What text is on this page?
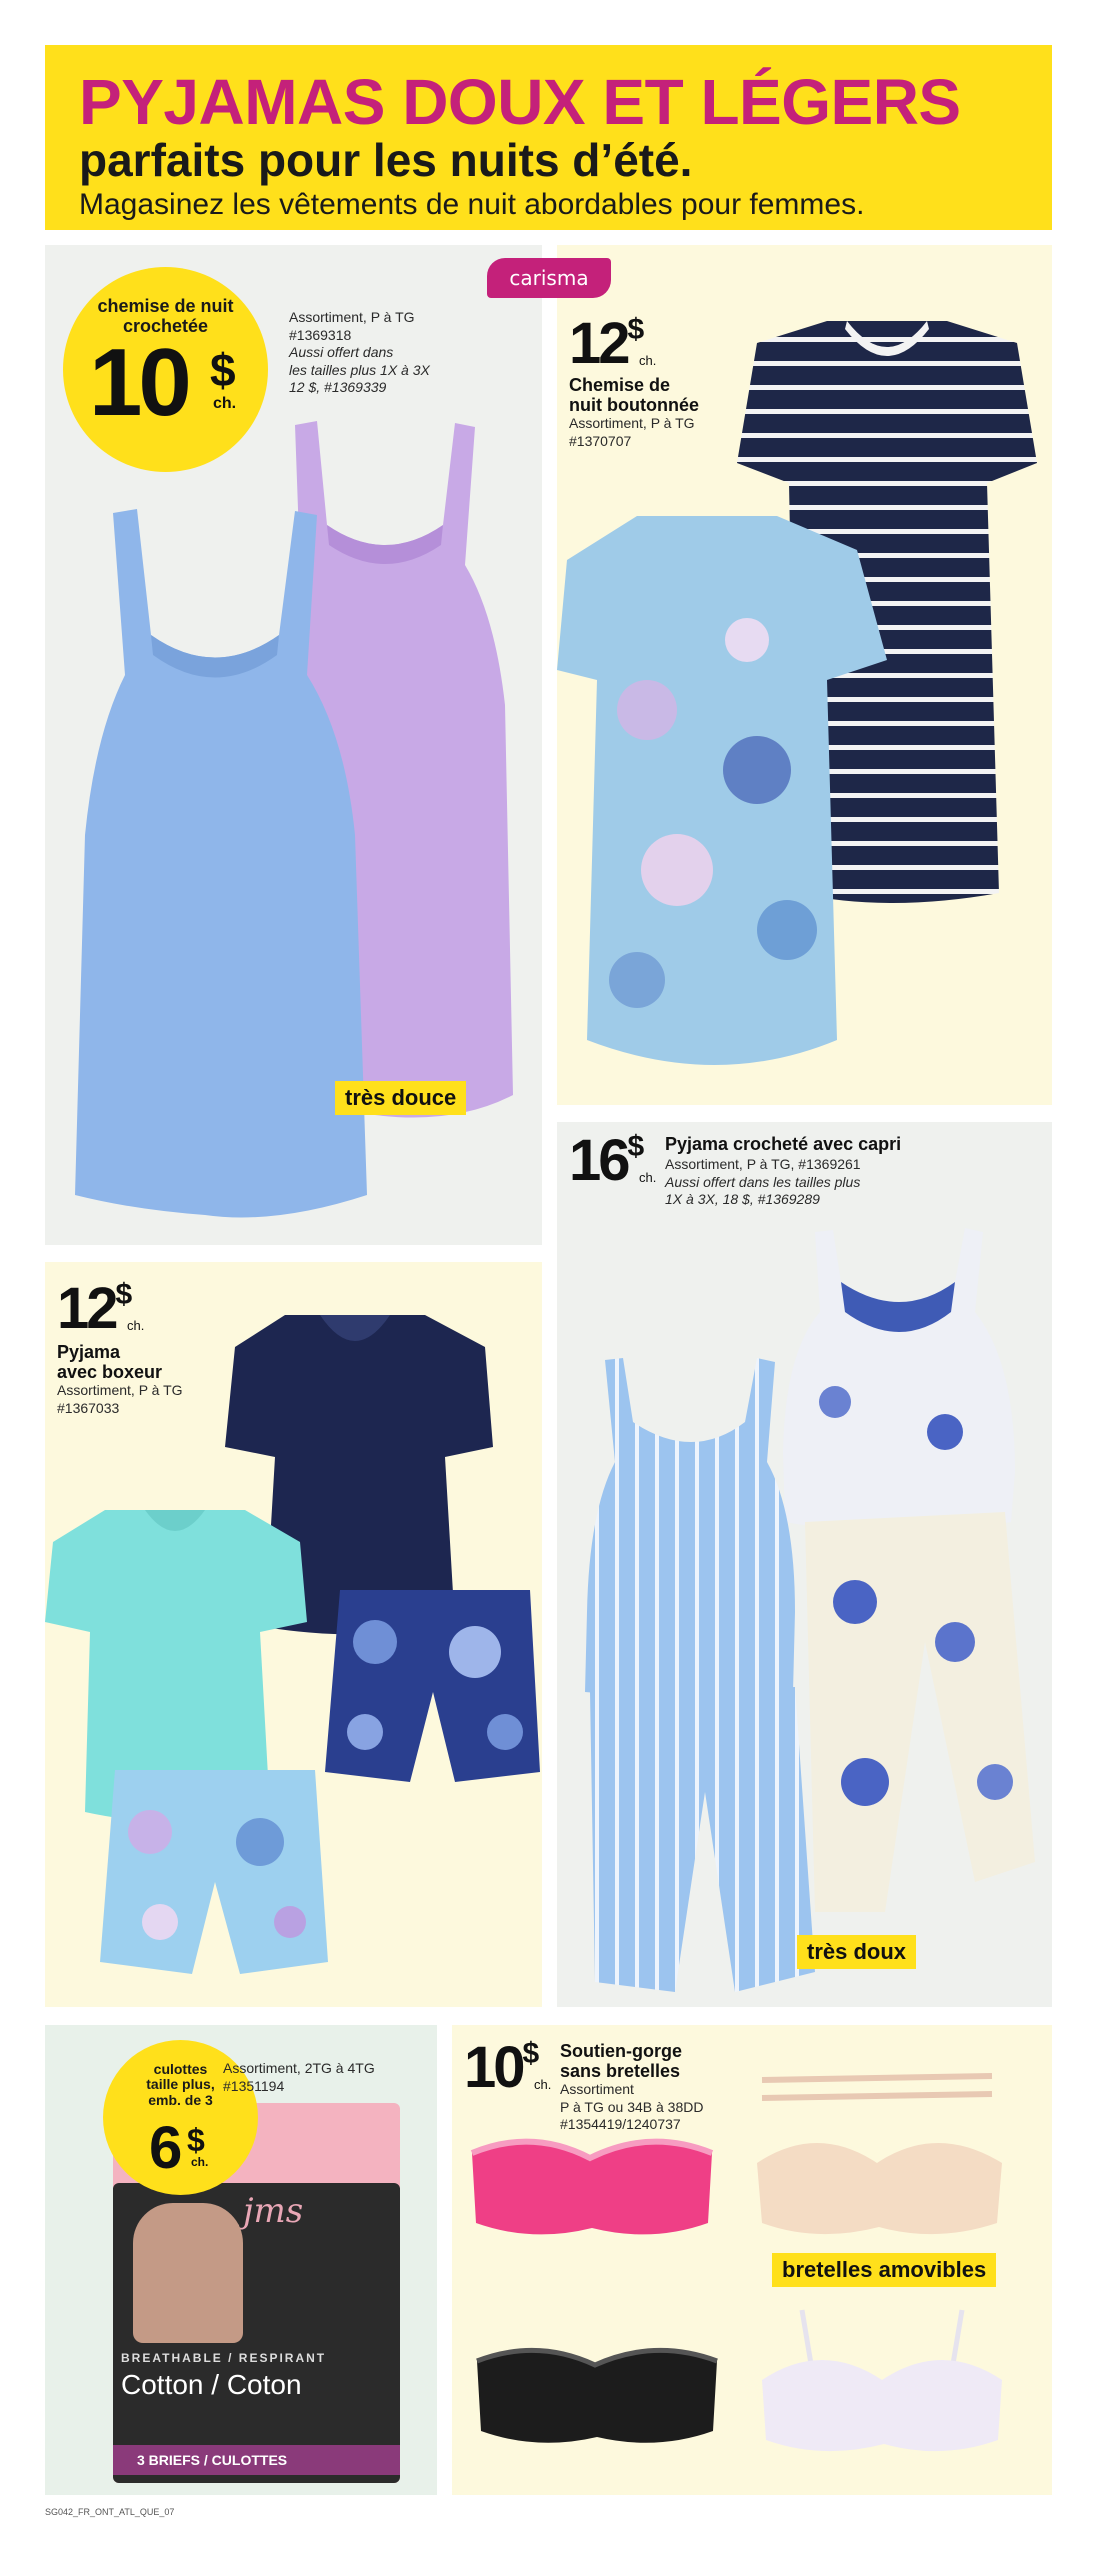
PYJAMAS DOUX ET LÉGERS
parfaits pour les nuits d’été.
Magasinez les vêtements de nuit abordables pour femmes.
chemise de nuit crochetée
10 $
ch.
Assortiment, P à TG
#1369318
Aussi offert dans
les tailles plus 1X à 3X
12 $, #1369339
très douce
12$
ch.
Chemise de
nuit boutonnée
Assortiment, P à TG
#1370707
16$
ch.
Pyjama crocheté avec capri
Assortiment, P à TG, #1369261
Aussi offert dans les tailles plus
1X à 3X, 18 $, #1369289
très doux
12$
ch.
Pyjama
avec boxeur
Assortiment, P à TG
#1367033
jms
BREATHABLE / RESPIRANT
Cotton / Coton
3 BRIEFS / CULOTTES
culottes
taille plus,
emb. de 3
6 $
ch.
Assortiment, 2TG à 4TG
#1351194	10$
ch.
Soutien-gorge
sans bretelles
Assortiment
P à TG ou 34B à 38DD
#1354419/1240737
bretelles amovibles
carisma
SG042_FR_ONT_ATL_QUE_07
